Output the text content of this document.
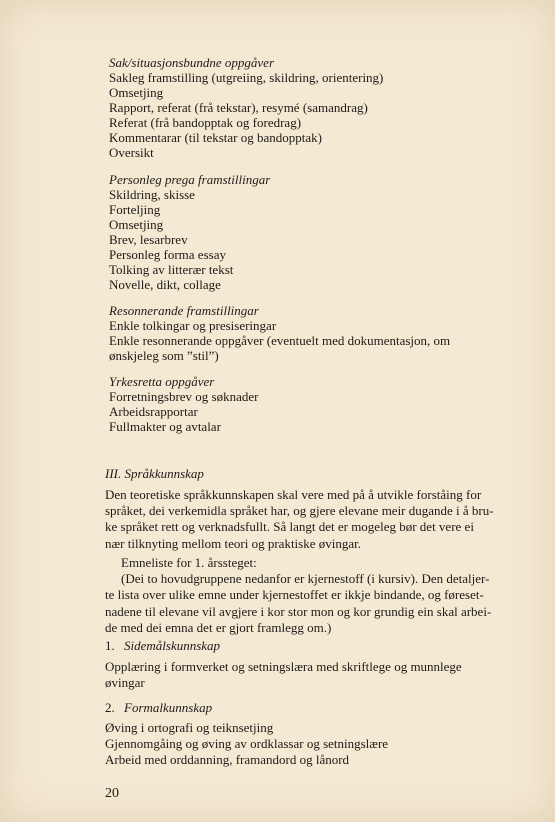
Sak/situasjonsbundne oppgåver
Sakleg framstilling (utgreiing, skildring, orientering)
Omsetjing
Rapport, referat (frå tekstar), resymé (samandrag)
Referat (frå bandopptak og foredrag)
Kommentarar (til tekstar og bandopptak)
Oversikt
Personleg prega framstillingar
Skildring, skisse
Forteljing
Omsetjing
Brev, lesarbrev
Personleg forma essay
Tolking av litterær tekst
Novelle, dikt, collage
Resonnerande framstillingar
Enkle tolkingar og presiseringar
Enkle resonnerande oppgåver (eventuelt med dokumentasjon, om
ønskjeleg som ”stil”)
Yrkesretta oppgåver
Forretningsbrev og søknader
Arbeidsrapportar
Fullmakter og avtalar
III. Språkkunnskap
Den teoretiske språkkunnskapen skal vere med på å utvikle forståing for
språket, dei verkemidla språket har, og gjere elevane meir dugande i å bru-
ke språket rett og verknadsfullt. Så langt det er mogeleg bør det vere ei
nær tilknyting mellom teori og praktiske øvingar.
Emneliste for 1. årssteget:
(Dei to hovudgruppene nedanfor er kjernestoff (i kursiv). Den detaljer-
te lista over ulike emne under kjernestoffet er ikkje bindande, og føreset-
nadene til elevane vil avgjere i kor stor mon og kor grundig ein skal arbei-
de med dei emna det er gjort framlegg om.)
1. Sidemålskunnskap
Opplæring i formverket og setningslæra med skriftlege og munnlege
øvingar
2. Formalkunnskap
Øving i ortografi og teiknsetjing
Gjennomgåing og øving av ordklassar og setningslære
Arbeid med orddanning, framandord og lånord
20
